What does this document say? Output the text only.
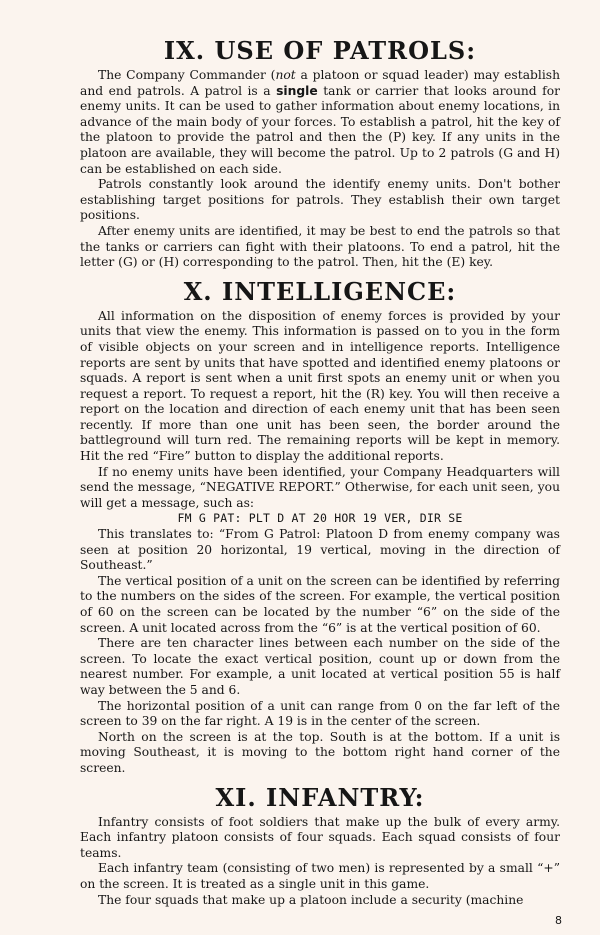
IX. USE OF PATROLS:

The Company Commander (not a platoon or squad leader) may establish and end patrols. A patrol is a single tank or carrier that looks around for enemy units. It can be used to gather information about enemy locations, in advance of the main body of your forces. To establish a patrol, hit the key of the platoon to provide the patrol and then the (P) key. If any units in the platoon are available, they will become the patrol. Up to 2 patrols (G and H) can be established on each side.

Patrols constantly look around the identify enemy units. Don't bother establishing target positions for patrols. They establish their own target positions.

After enemy units are identified, it may be best to end the patrols so that the tanks or carriers can fight with their platoons. To end a patrol, hit the letter (G) or (H) corresponding to the patrol. Then, hit the (E) key.

X. INTELLIGENCE:

All information on the disposition of enemy forces is provided by your units that view the enemy. This information is passed on to you in the form of visible objects on your screen and in intelligence reports. Intelligence reports are sent by units that have spotted and identified enemy platoons or squads. A report is sent when a unit first spots an enemy unit or when you request a report. To request a report, hit the (R) key. You will then receive a report on the location and direction of each enemy unit that has been seen recently. If more than one unit has been seen, the border around the battleground will turn red. The remaining reports will be kept in memory. Hit the red “Fire” button to display the additional reports.

If no enemy units have been identified, your Company Headquarters will send the message, “NEGATIVE REPORT.” Otherwise, for each unit seen, you will get a message, such as:

FM G PAT: PLT D AT 20 HOR 19 VER, DIR SE

This translates to: “From G Patrol: Platoon D from enemy company was seen at position 20 horizontal, 19 vertical, moving in the direction of Southeast.”

The vertical position of a unit on the screen can be identified by referring to the numbers on the sides of the screen. For example, the vertical position of 60 on the screen can be located by the number “6” on the side of the screen. A unit located across from the “6” is at the vertical position of 60.

There are ten character lines between each number on the side of the screen. To locate the exact vertical position, count up or down from the nearest number. For example, a unit located at vertical position 55 is half way between the 5 and 6.

The horizontal position of a unit can range from 0 on the far left of the screen to 39 on the far right. A 19 is in the center of the screen.

North on the screen is at the top. South is at the bottom. If a unit is moving Southeast, it is moving to the bottom right hand corner of the screen.

XI. INFANTRY:

Infantry consists of foot soldiers that make up the bulk of every army. Each infantry platoon consists of four squads. Each squad consists of four teams.

Each infantry team (consisting of two men) is represented by a small “+” on the screen. It is treated as a single unit in this game.

The four squads that make up a platoon include a security (machine

8
